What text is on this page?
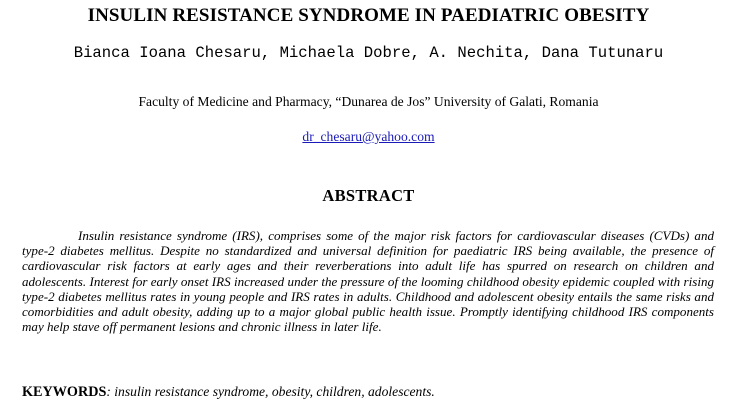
INSULIN RESISTANCE SYNDROME IN PAEDIATRIC OBESITY
Bianca Ioana Chesaru, Michaela Dobre, A. Nechita, Dana Tutunaru
Faculty of Medicine and Pharmacy, “Dunarea de Jos” University of Galati, Romania
dr_chesaru@yahoo.com
ABSTRACT
Insulin resistance syndrome (IRS), comprises some of the major risk factors for cardiovascular diseases (CVDs) and type-2 diabetes mellitus. Despite no standardized and universal definition for paediatric IRS being available, the presence of cardiovascular risk factors at early ages and their reverberations into adult life has spurred on research on children and adolescents. Interest for early onset IRS increased under the pressure of the looming childhood obesity epidemic coupled with rising type-2 diabetes mellitus rates in young people and IRS rates in adults. Childhood and adolescent obesity entails the same risks and comorbidities and adult obesity, adding up to a major global public health issue. Promptly identifying childhood IRS components may help stave off permanent lesions and chronic illness in later life.
KEYWORDS: insulin resistance syndrome, obesity, children, adolescents.
